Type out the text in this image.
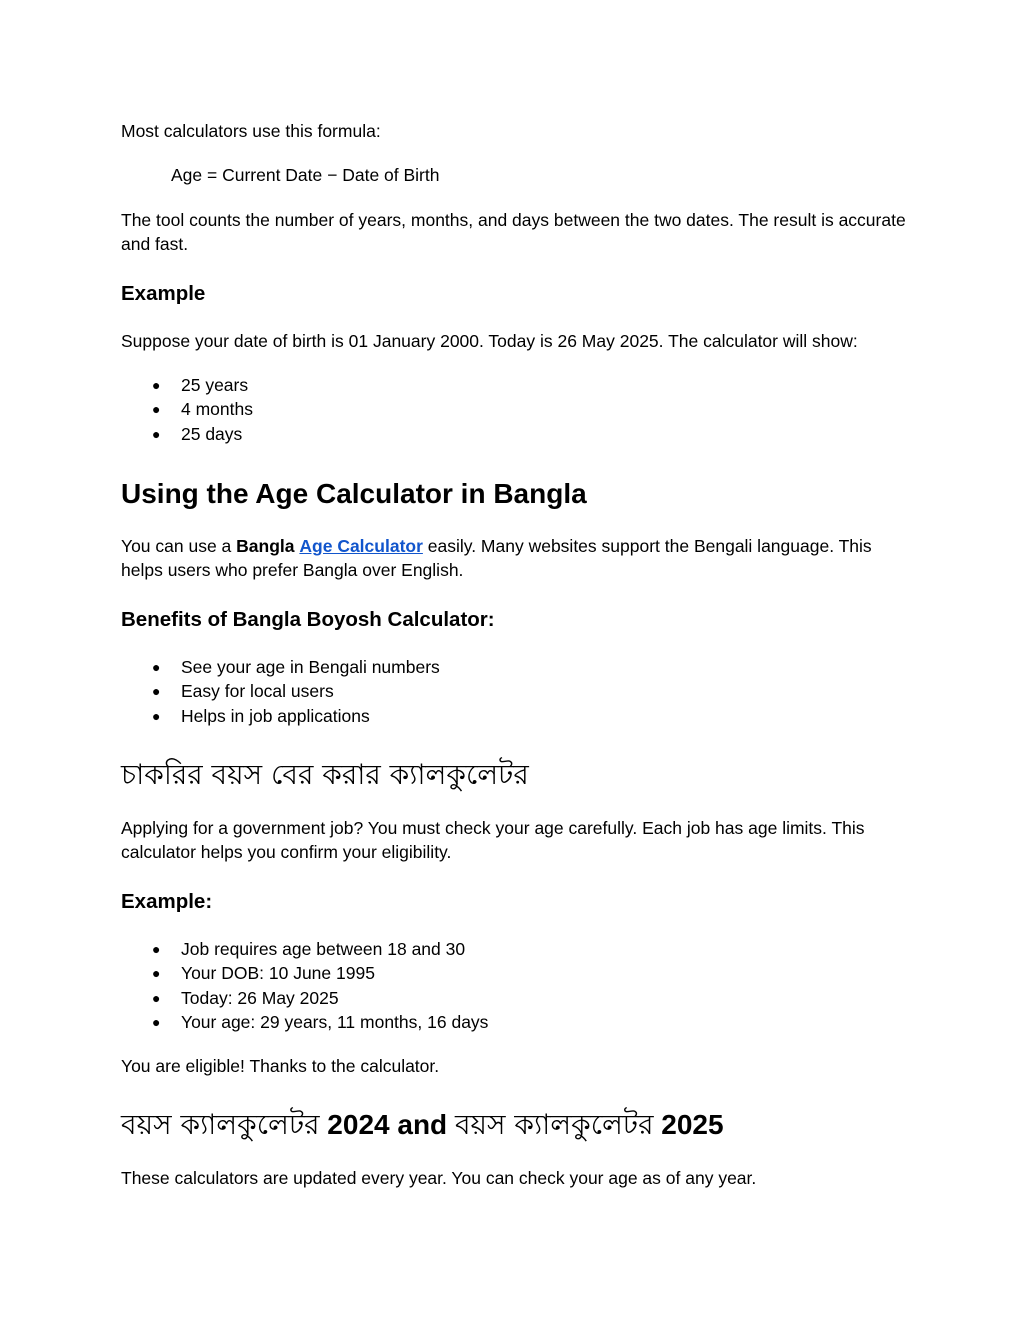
Most calculators use this formula:

Age = Current Date − Date of Birth

The tool counts the number of years, months, and days between the two dates. The result is accurate and fast.

Example

Suppose your date of birth is 01 January 2000. Today is 26 May 2025. The calculator will show:

● 25 years
● 4 months
● 25 days
Using the Age Calculator in Bangla

You can use a Bangla Age Calculator easily. Many websites support the Bengali language. This helps users who prefer Bangla over English.

Benefits of Bangla Boyosh Calculator:
● See your age in Bengali numbers
● Easy for local users
● Helps in job applications
চাকরির বয়স বের করার ক্যালকুলেটর

Applying for a government job? You must check your age carefully. Each job has age limits. This calculator helps you confirm your eligibility.

Example:
● Job requires age between 18 and 30
● Your DOB: 10 June 1995
● Today: 26 May 2025
● Your age: 29 years, 11 months, 16 days

You are eligible! Thanks to the calculator.

বয়স ক্যালকুলেটর 2024 and বয়স ক্যালকুলেটর 2025

These calculators are updated every year. You can check your age as of any year.
